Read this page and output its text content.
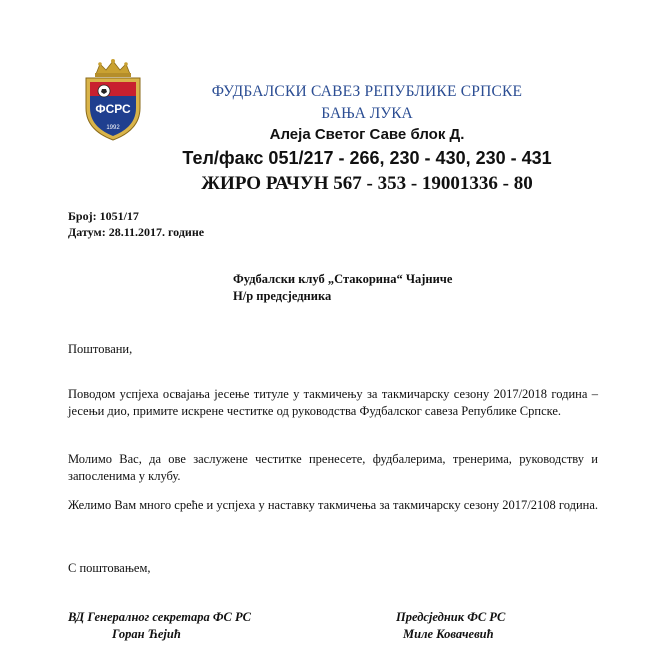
ФСРС
1992
ФУДБАЛСКИ САВЕЗ РЕПУБЛИКЕ СРПСКЕ
БАЊА ЛУКА
Алеја Светог Саве блок Д.
Тел/факс 051/217 - 266, 230 - 430, 230 - 431
ЖИРО РАЧУН 567 - 353 - 19001336 - 80
Број: 1051/17
Датум: 28.11.2017. године
Фудбалски клуб „Стакорина“ Чајниче
Н/р предсједника
Поштовани,
Поводом успјеха освајања јесење титуле у такмичењу за такмичарску сезону 2017/2018 година – јесењи дио, примите искрене честитке од руководства Фудбалског савеза Републике Српске.
Молимо Вас, да ове заслужене честитке пренесете, фудбалерима, тренерима, руководству и запосленима у клубу.
Желимо Вам много среће и успјеха у наставку такмичења за такмичарску сезону 2017/2108 година.
С поштовањем,
ВД Генералног секретара ФС РС
Горан Ћејић
Предсједник ФС РС
Миле Ковачевић
